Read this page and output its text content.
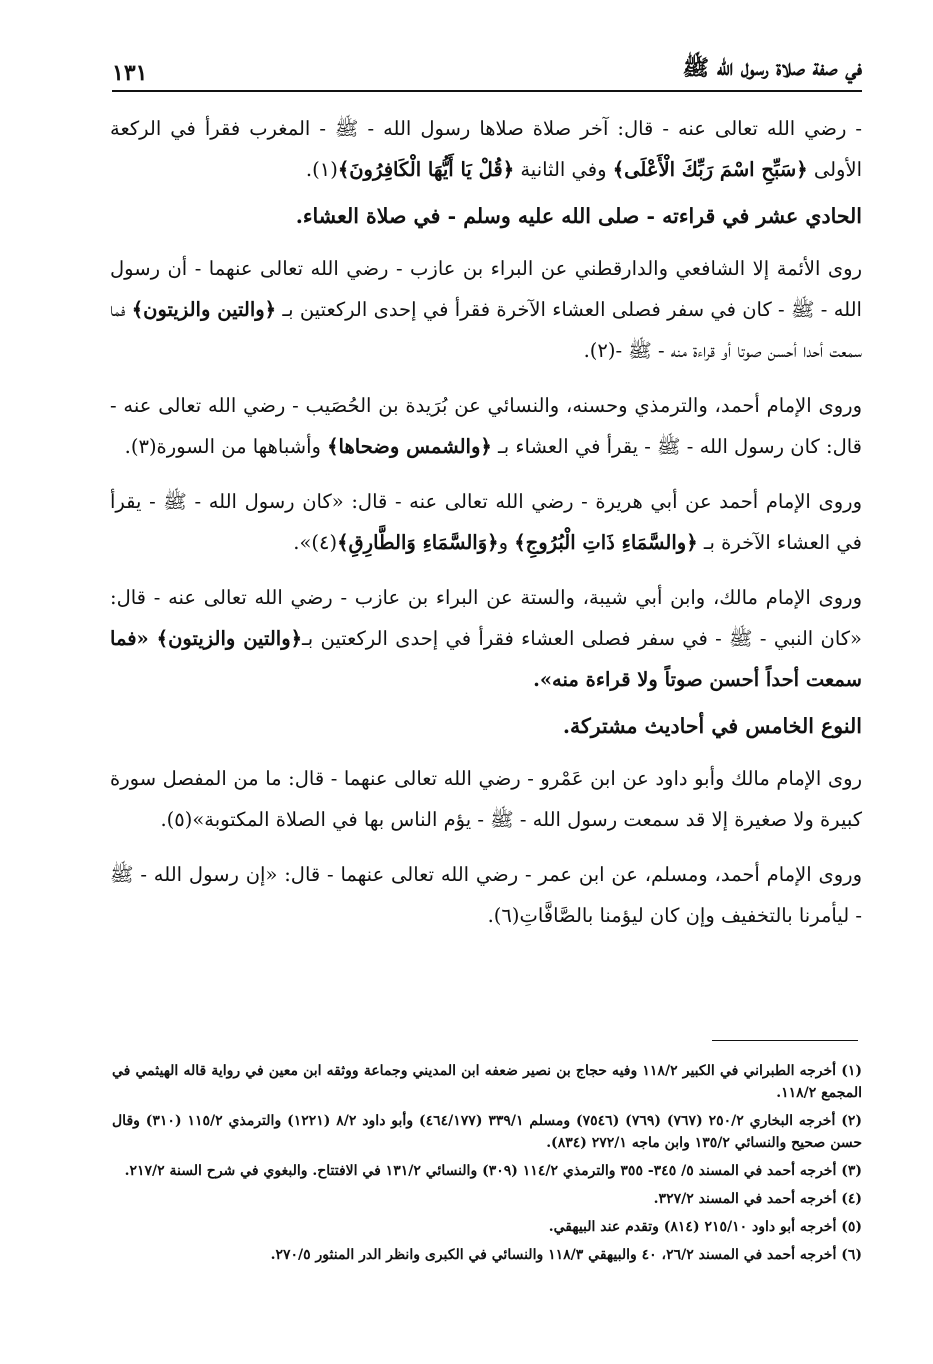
في صفة صلاة رسول الله ﷺ
١٣١

- رضي الله تعالى عنه - قال: آخر صلاة صلاها رسول الله - ﷺ - المغرب فقرأ في الركعة الأولى ﴿سَبِّحِ اسْمَ رَبِّكَ الْأَعْلَى﴾ وفي الثانية ﴿قُلْ يَا أَيُّهَا الْكَافِرُونَ﴾(١).

الحادي عشر في قراءته - صلى الله عليه وسلم - في صلاة العشاء.

روى الأئمة إلا الشافعي والدارقطني عن البراء بن عازب - رضي الله تعالى عنهما - أن رسول الله - ﷺ - كان في سفر فصلى العشاء الآخرة فقرأ في إحدى الركعتين بـ ﴿والتين والزيتون﴾ فما سمعت أحدا أحسن صوتا أو قراءة منه - ﷺ -(٢).

وروى الإمام أحمد، والترمذي وحسنه، والنسائي عن بُرَيدة بن الحُصَيب - رضي الله تعالى عنه - قال: كان رسول الله - ﷺ - يقرأ في العشاء بـ ﴿والشمس وضحاها﴾ وأشباهها من السورة(٣).

وروى الإمام أحمد عن أبي هريرة - رضي الله تعالى عنه - قال: «كان رسول الله - ﷺ - يقرأ في العشاء الآخرة بـ ﴿والسَّمَاءِ ذَاتِ الْبُرُوجِ﴾ و﴿وَالسَّمَاءِ وَالطَّارِقِ﴾(٤)».

وروى الإمام مالك، وابن أبي شيبة، والستة عن البراء بن عازب - رضي الله تعالى عنه - قال: «كان النبي - ﷺ - في سفر فصلى العشاء فقرأ في إحدى الركعتين بـ﴿والتين والزيتون﴾ «فما سمعت أحداً أحسن صوتاً ولا قراءة منه».

النوع الخامس في أحاديث مشتركة.

روى الإمام مالك وأبو داود عن ابن عَمْرو - رضي الله تعالى عنهما - قال: ما من المفصل سورة كبيرة ولا صغيرة إلا قد سمعت رسول الله - ﷺ - يؤم الناس بها في الصلاة المكتوبة»(٥).

وروى الإمام أحمد، ومسلم، عن ابن عمر - رضي الله تعالى عنهما - قال: «إن رسول الله - ﷺ - ليأمرنا بالتخفيف وإن كان ليؤمنا بالصَّافَّاتِ(٦).

(١) أخرجه الطبراني في الكبير ١١٨/٢ وفيه حجاج بن نصير ضعفه ابن المديني وجماعة ووثقه ابن معين في رواية قاله الهيثمي في المجمع ١١٨/٢.

(٢) أخرجه البخاري ٢٥٠/٢ (٧٦٧) (٧٦٩) (٧٥٤٦) ومسلم ٣٣٩/١ (٤٦٤/١٧٧) وأبو داود ٨/٢ (١٢٢١) والترمذي ١١٥/٢ (٣١٠) وقال حسن صحيح والنسائي ١٣٥/٢ وابن ماجه ٢٧٢/١ (٨٣٤).

(٣) أخرجه أحمد في المسند ٥/ ٣٤٥- ٣٥٥ والترمذي ١١٤/٢ (٣٠٩) والنسائي ١٣١/٢ في الافتتاح. والبغوي في شرح السنة ٢١٧/٢.

(٤) أخرجه أحمد في المسند ٣٢٧/٢.

(٥) أخرجه أبو داود ٢١٥/١٠ (٨١٤) وتقدم عند البيهقي.

(٦) أخرجه أحمد في المسند ٢٦/٢، ٤٠ والبيهقي ١١٨/٣ والنسائي في الكبرى وانظر الدر المنثور ٢٧٠/٥.
